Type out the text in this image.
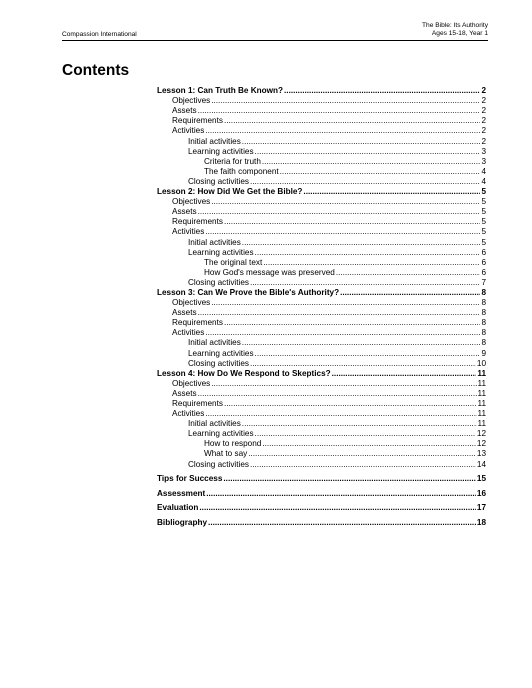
Compassion International
The Bible: Its Authority
Ages 15-18, Year 1
Contents
Lesson 1: Can Truth Be Known? .....	2
Objectives .....	2
Assets .....	2
Requirements .....	2
Activities .....	2
Initial activities .....	2
Learning activities .....	3
Criteria for truth .....	3
The faith component .....	4
Closing activities .....	4
Lesson 2: How Did We Get the Bible? .....	5
Objectives .....	5
Assets .....	5
Requirements .....	5
Activities .....	5
Initial activities .....	5
Learning activities .....	6
The original text .....	6
How God's message was preserved .....	6
Closing activities .....	7
Lesson 3: Can We Prove the Bible's Authority? .....	8
Objectives .....	8
Assets .....	8
Requirements .....	8
Activities .....	8
Initial activities .....	8
Learning activities .....	9
Closing activities .....	10
Lesson 4: How Do We Respond to Skeptics? .....	11
Objectives .....	11
Assets .....	11
Requirements .....	11
Activities .....	11
Initial activities .....	11
Learning activities .....	12
How to respond .....	12
What to say .....	13
Closing activities .....	14
Tips for Success .....	15
Assessment .....	16
Evaluation .....	17
Bibliography .....	18
